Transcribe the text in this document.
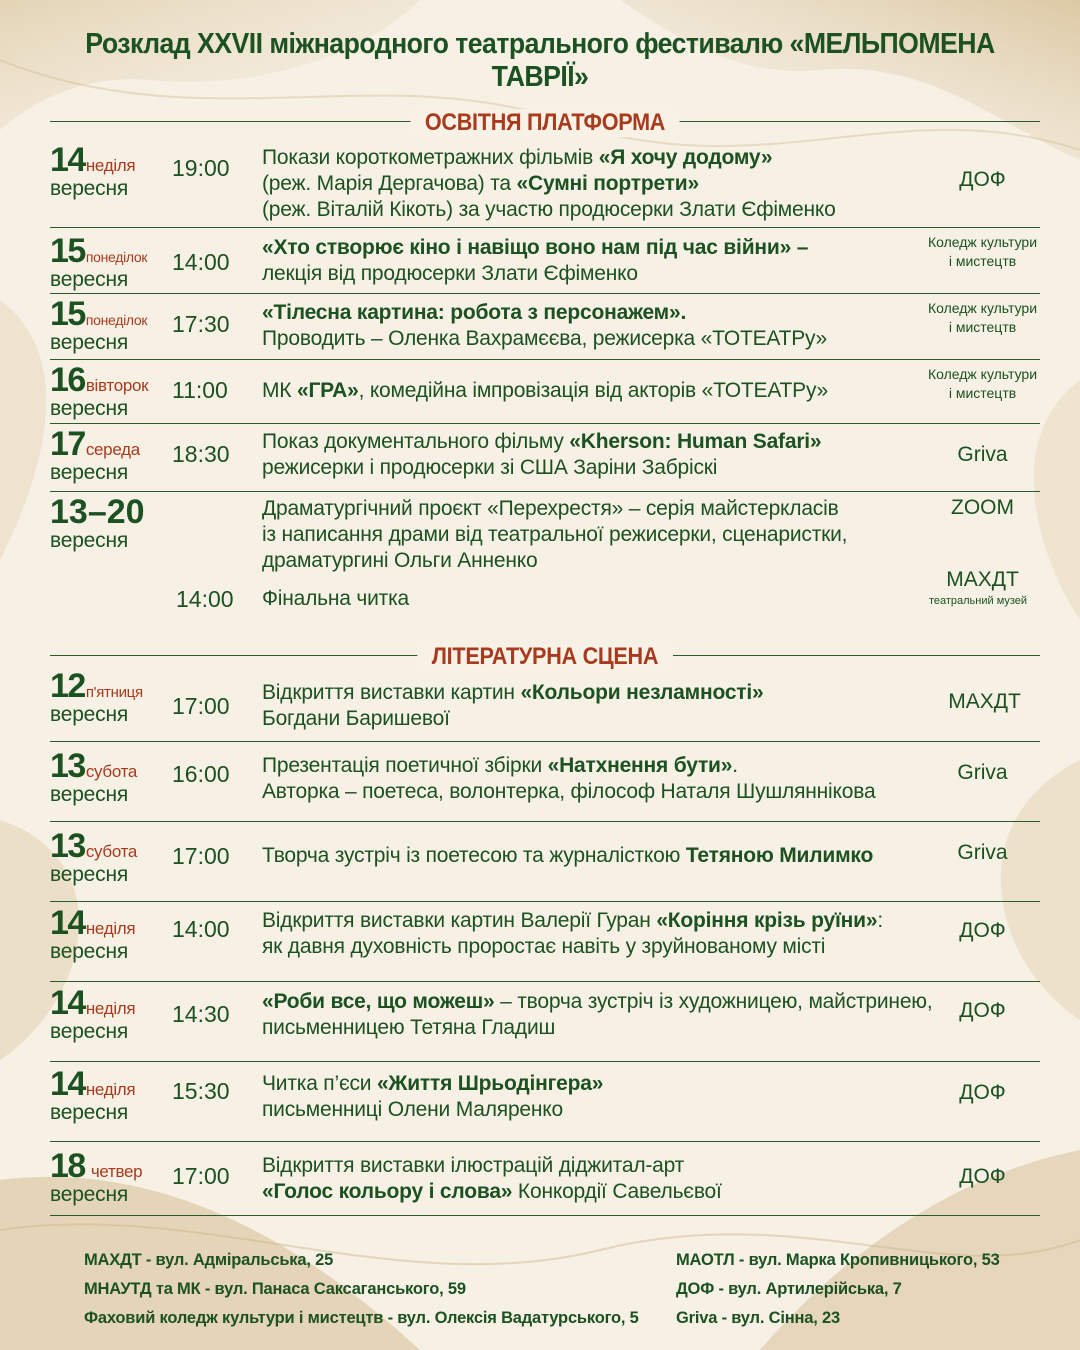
Розклад XXVII міжнародного театрального фестивалю «МЕЛЬПОМЕНА ТАВРІЇ»
ОСВІТНЯ ПЛАТФОРМА
14неділя
вересня
19:00 Покази короткометражних фільмів «Я хочу додому»
(реж. Марія Дергачова) та «Сумні портрети»
(реж. Віталій Кікоть) за участю продюсерки Злати Єфіменко
ДОФ
15понеділок
вересня
14:00
«Хто створює кіно і навіщо воно нам під час війни» –
лекція від продюсерки Злати Єфіменко
Коледж культури і мистецтв
15понеділок
вересня
17:30 «Тілесна картина: робота з персонажем».
Проводить – Оленка Вахрамєєва, режисерка «ТОТЕАТРу»
Коледж культури і мистецтв
16вівторок
вересня
11:00 МК «ГРА», комедійна імпровізація від акторів «ТОТЕАТРу»
Коледж культури і мистецтв
17середа
вересня
18:30 Показ документального фільму «Kherson: Human Safari»
режисерки і продюсерки зі США Заріни Забріскі
Griva
13–20
вересня
Драматургічний проєкт «Перехрестя» – серія майстеркласів
із написання драми від театральної режисерки, сценаристки,
драматургині Ольги Анненко
ZOOM
14:00 Фінальна читка
МАХДТ
театральний музей
ЛІТЕРАТУРНА СЦЕНА
12п'ятниця
вересня	17:00
Відкриття виставки картин «Кольори незламності»
Богдани Баришевої
МАХДТ
13субота
вересня
16:00 Презентація поетичної збірки «Натхнення бути».
Авторка – поетеса, волонтерка, філософ Наталя Шушляннікова
Griva
13субота
вересня
17:00 Творча зустріч із поетесою та журналісткою Тетяною Милимко	Griva
14неділя
вересня
14:00 Відкриття виставки картин Валерії Гуран «Коріння крізь руїни»:
як давня духовність проростає навіть у зруйнованому місті
ДОФ
14неділя
вересня
14:30 «Роби все, що можеш» – творча зустріч із художницею, майстринею,
письменницею Тетяна Гладиш
ДОФ
14неділя
вересня
15:30 Читка п’єси «Життя Шрьодінгера»
письменниці Олени Маляренко
ДОФ
18 четвер
вересня
17:00 Відкриття виставки ілюстрацій діджитал-арт
«Голос кольору і слова» Конкордії Савельєвої
ДОФ
МАХДТ - вул. Адміральська, 25
МНАУТД та МК - вул. Панаса Саксаганського, 59
Фаховий коледж культури і мистецтв - вул. Олексія Вадатурського, 5
МАОТЛ - вул. Марка Кропивницького, 53
ДОФ - вул. Артилерійська, 7
Griva - вул. Сінна, 23
